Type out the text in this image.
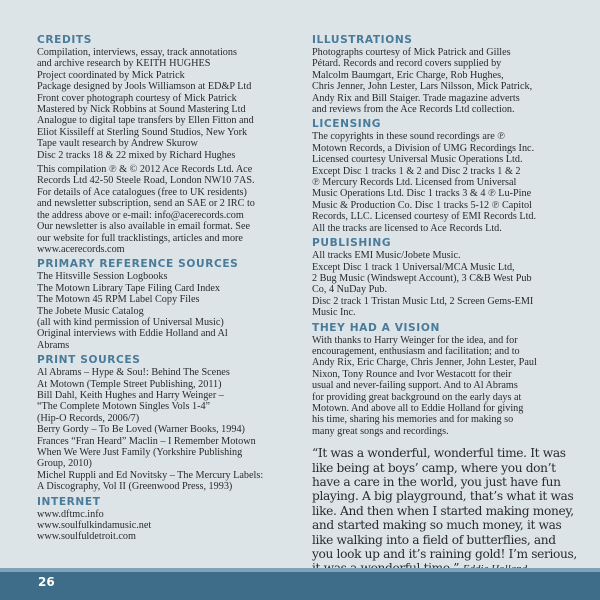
CREDITS
Compilation, interviews, essay, track annotations
and archive research by KEITH HUGHES
Project coordinated by Mick Patrick
Package designed by Jools Williamson at ED&P Ltd
Front cover photograph courtesy of Mick Patrick
Mastered by Nick Robbins at Sound Mastering Ltd
Analogue to digital tape transfers by Ellen Fitton and
Eliot Kissileff at Sterling Sound Studios, New York
Tape vault research by Andrew Skurow
Disc 2 tracks 18 & 22 mixed by Richard Hughes
This compilation ℗ & © 2012 Ace Records Ltd. Ace
Records Ltd 42-50 Steele Road, London NW10 7AS.
For details of Ace catalogues (free to UK residents)
and newsletter subscription, send an SAE or 2 IRC to
the address above or e-mail: info@acerecords.com
Our newsletter is also available in email format. See
our website for full tracklistings, articles and more
www.acerecords.com
PRIMARY REFERENCE SOURCES
The Hitsville Session Logbooks
The Motown Library Tape Filing Card Index
The Motown 45 RPM Label Copy Files
The Jobete Music Catalog
(all with kind permission of Universal Music)
Original interviews with Eddie Holland and Al
Abrams
PRINT SOURCES
Al Abrams – Hype & Sou!: Behind The Scenes
At Motown (Temple Street Publishing, 2011)
Bill Dahl, Keith Hughes and Harry Weinger –
“The Complete Motown Singles Vols 1-4”
(Hip-O Records, 2006/7)
Berry Gordy – To Be Loved (Warner Books, 1994)
Frances “Fran Heard” Maclin – I Remember Motown
When We Were Just Family (Yorkshire Publishing
Group, 2010)
Michel Ruppli and Ed Novitsky – The Mercury Labels:
A Discography, Vol II (Greenwood Press, 1993)
INTERNET
www.dftmc.info
www.soulfulkindamusic.net
www.soulfuldetroit.com
ILLUSTRATIONS
Photographs courtesy of Mick Patrick and Gilles
Pétard. Records and record covers supplied by
Malcolm Baumgart, Eric Charge, Rob Hughes,
Chris Jenner, John Lester, Lars Nilsson, Mick Patrick,
Andy Rix and Bill Staiger. Trade magazine adverts
and reviews from the Ace Records Ltd collection.
LICENSING
The copyrights in these sound recordings are ℗
Motown Records, a Division of UMG Recordings Inc.
Licensed courtesy Universal Music Operations Ltd.
Except Disc 1 tracks 1 & 2 and Disc 2 tracks 1 & 2
℗ Mercury Records Ltd. Licensed from Universal
Music Operations Ltd. Disc 1 tracks 3 & 4 ℗ Lu-Pine
Music & Production Co. Disc 1 tracks 5-12 ℗ Capitol
Records, LLC. Licensed courtesy of EMI Records Ltd.
All the tracks are licensed to Ace Records Ltd.
PUBLISHING
All tracks EMI Music/Jobete Music.
Except Disc 1 track 1 Universal/MCA Music Ltd,
2 Bug Music (Windswept Account), 3 C&B West Pub
Co, 4 NuDay Pub.
Disc 2 track 1 Tristan Music Ltd, 2 Screen Gems-EMI
Music Inc.
THEY HAD A VISION
With thanks to Harry Weinger for the idea, and for
encouragement, enthusiasm and facilitation; and to
Andy Rix, Eric Charge, Chris Jenner, John Lester, Paul
Nixon, Tony Rounce and Ivor Westacott for their
usual and never-failing support. And to Al Abrams
for providing great background on the early days at
Motown. And above all to Eddie Holland for giving
his time, sharing his memories and for making so
many great songs and recordings.
“It was a wonderful, wonderful time. It was
like being at boys’ camp, where you don’t
have a care in the world, you just have fun
playing. A big playground, that’s what it was
like. And then when I started making money,
and started making so much money, it was
like walking into a field of butterflies, and
you look up and it’s raining gold! I’m serious,
26
